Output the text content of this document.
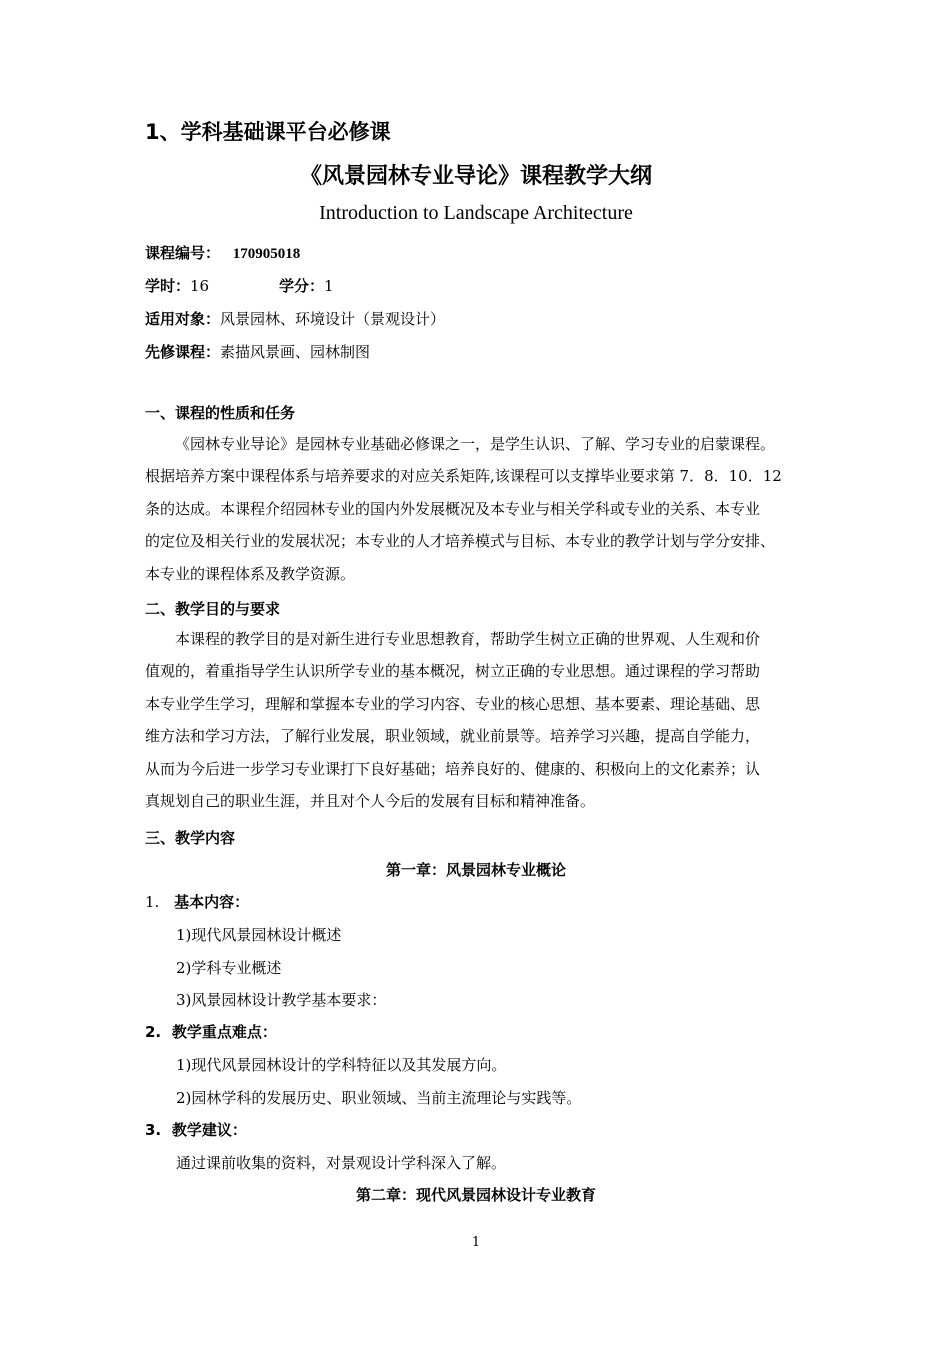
1、学科基础课平台必修课
《风景园林专业导论》课程教学大纲
Introduction to Landscape Architecture
课程编号： 170905018
学时：16	学分：1
适用对象：风景园林、环境设计（景观设计）
先修课程：素描风景画、园林制图
一、课程的性质和任务
《园林专业导论》是园林专业基础必修课之一，是学生认识、了解、学习专业的启蒙课程。
根据培养方案中课程体系与培养要求的对应关系矩阵,该课程可以支撑毕业要求第 7．8．10．12
条的达成。本课程介绍园林专业的国内外发展概况及本专业与相关学科或专业的关系、本专业
的定位及相关行业的发展状况；本专业的人才培养模式与目标、本专业的教学计划与学分安排、
本专业的课程体系及教学资源。
二、教学目的与要求
本课程的教学目的是对新生进行专业思想教育，帮助学生树立正确的世界观、人生观和价
值观的，着重指导学生认识所学专业的基本概况，树立正确的专业思想。通过课程的学习帮助
本专业学生学习，理解和掌握本专业的学习内容、专业的核心思想、基本要素、理论基础、思
维方法和学习方法，了解行业发展，职业领域，就业前景等。培养学习兴趣，提高自学能力，
从而为今后进一步学习专业课打下良好基础；培养良好的、健康的、积极向上的文化素养；认
真规划自己的职业生涯，并且对个人今后的发展有目标和精神准备。
三、教学内容
第一章：风景园林专业概论
1. 基本内容：
1)现代风景园林设计概述
2)学科专业概述
3)风景园林设计教学基本要求：
2. 教学重点难点：
1)现代风景园林设计的学科特征以及其发展方向。
2)园林学科的发展历史、职业领域、当前主流理论与实践等。
3. 教学建议：
通过课前收集的资料，对景观设计学科深入了解。
第二章：现代风景园林设计专业教育
1
